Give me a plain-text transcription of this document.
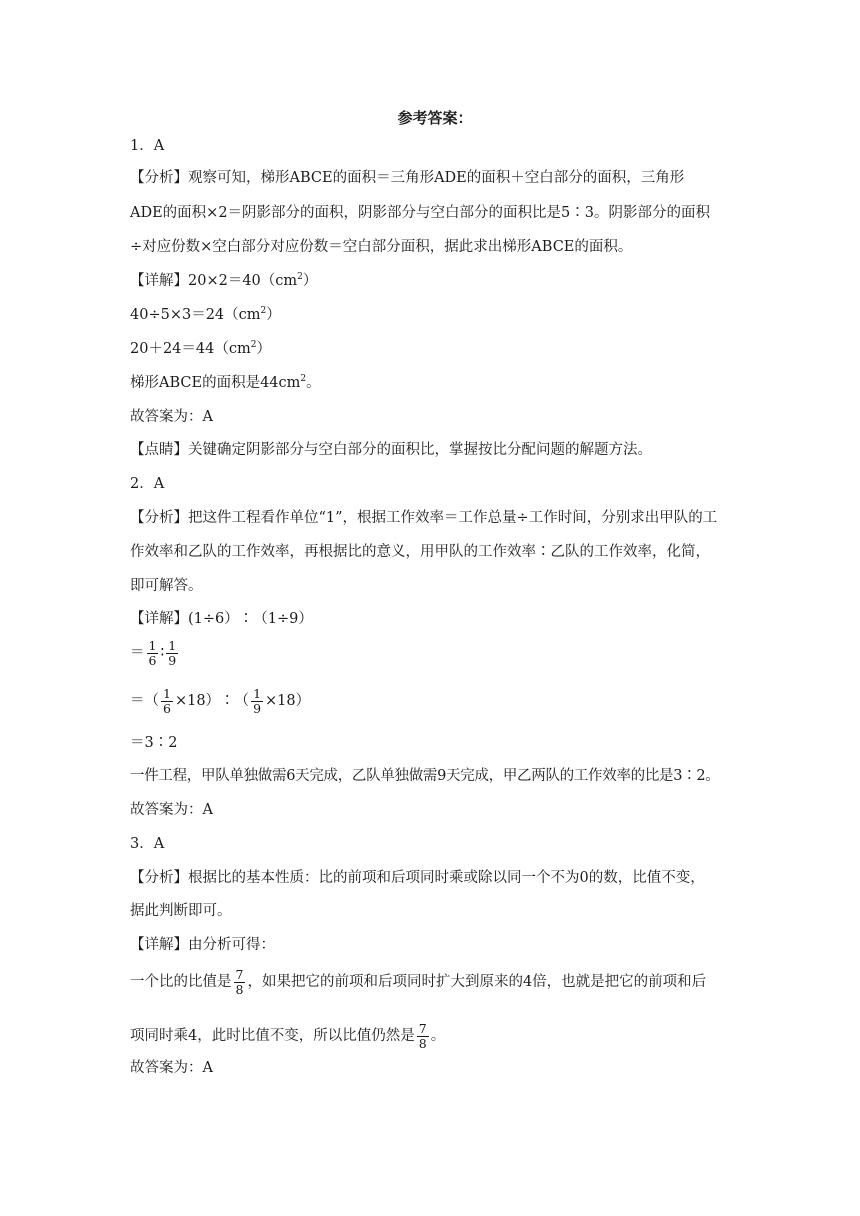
参考答案：
1．A
【分析】观察可知，梯形ABCE的面积＝三角形ADE的面积＋空白部分的面积，三角形
ADE的面积×2＝阴影部分的面积，阴影部分与空白部分的面积比是5∶3。阴影部分的面积
÷对应份数×空白部分对应份数＝空白部分面积，据此求出梯形ABCE的面积。
【详解】$20\times 2=40(cm^2)$
$40\div 5\times 3=24(cm^2)$
$20+24=44(cm^2)$
梯形ABCE的面积是$44cm^2$。
故答案为：A
【点睛】关键确定阴影部分与空白部分的面积比，掌握按比分配问题的解题方法。
2．A
【分析】把这件工程看作单位“1”，根据工作效率＝工作总量÷工作时间，分别求出甲队的工
作效率和乙队的工作效率，再根据比的意义，用甲队的工作效率∶乙队的工作效率，化简，
即可解答。
【详解】(1÷6）∶（1÷9）
＝ $\frac{1}{6}$ ∶ $\frac{1}{9}$
＝（ $\frac{1}{6}$ ×18）∶（ $\frac{1}{9} \times 18$）
＝3∶2
一件工程，甲队单独做需6天完成，乙队单独做需9天完成，甲乙两队的工作效率的比是3∶2。
故答案为：A
3．A
【分析】根据比的基本性质：比的前项和后项同时乘或除以同一个不为0的数，比值不变，
据此判断即可。
【详解】由分析可得：
一个比的比值是 $\frac{7}{8}$ ，如果把它的前项和后项同时扩大到原来的4倍，也就是把它的前项和后
项同时乘4，此时比值不变，所以比值仍然是 $\frac{7}{8}$ 。
故答案为：A
